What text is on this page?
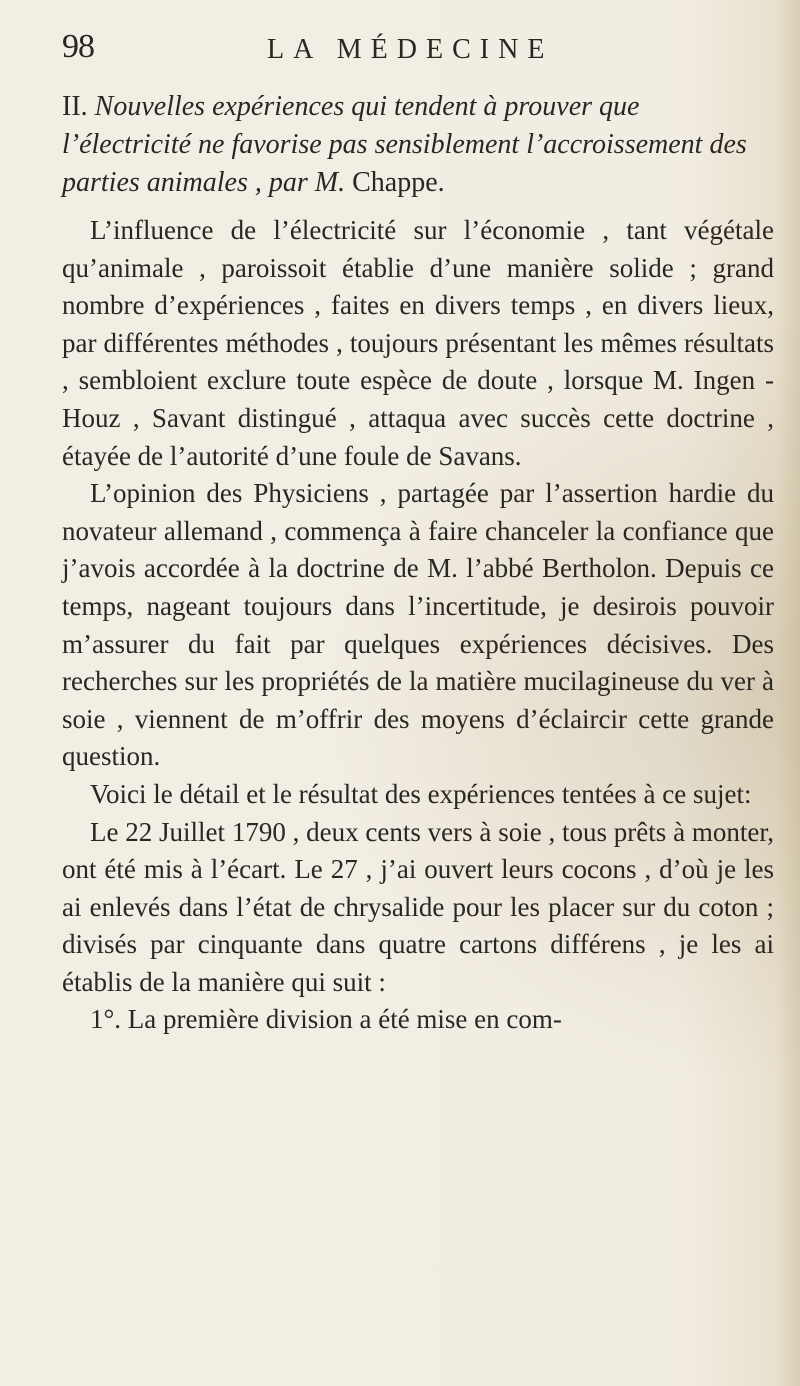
98	LA MÉDECINE

II. Nouvelles expériences qui tendent à prouver que l’électricité ne favorise pas sensiblement l’accroissement des parties animales , par M. Chappe.

L’influence de l’électricité sur l’économie , tant végétale qu’animale , paroissoit établie d’une manière solide ; grand nombre d’expériences , faites en divers temps , en divers lieux, par différentes méthodes , toujours présentant les mêmes résultats , sembloient exclure toute espèce de doute , lorsque M. Ingen - Houz , Savant distingué , attaqua avec succès cette doctrine , étayée de l’autorité d’une foule de Savans.

L’opinion des Physiciens , partagée par l’assertion hardie du novateur allemand , commença à faire chanceler la confiance que j’avois accordée à la doctrine de M. l’abbé Bertholon. Depuis ce temps, nageant toujours dans l’incertitude, je desirois pouvoir m’assurer du fait par quelques expériences décisives. Des recherches sur les propriétés de la matière mucilagineuse du ver à soie , viennent de m’offrir des moyens d’éclaircir cette grande question.

Voici le détail et le résultat des expériences tentées à ce sujet:

Le 22 Juillet 1790 , deux cents vers à soie , tous prêts à monter, ont été mis à l’écart. Le 27 , j’ai ouvert leurs cocons , d’où je les ai enlevés dans l’état de chrysalide pour les placer sur du coton ; divisés par cinquante dans quatre cartons différens , je les ai établis de la manière qui suit :

1°. La première division a été mise en com-
